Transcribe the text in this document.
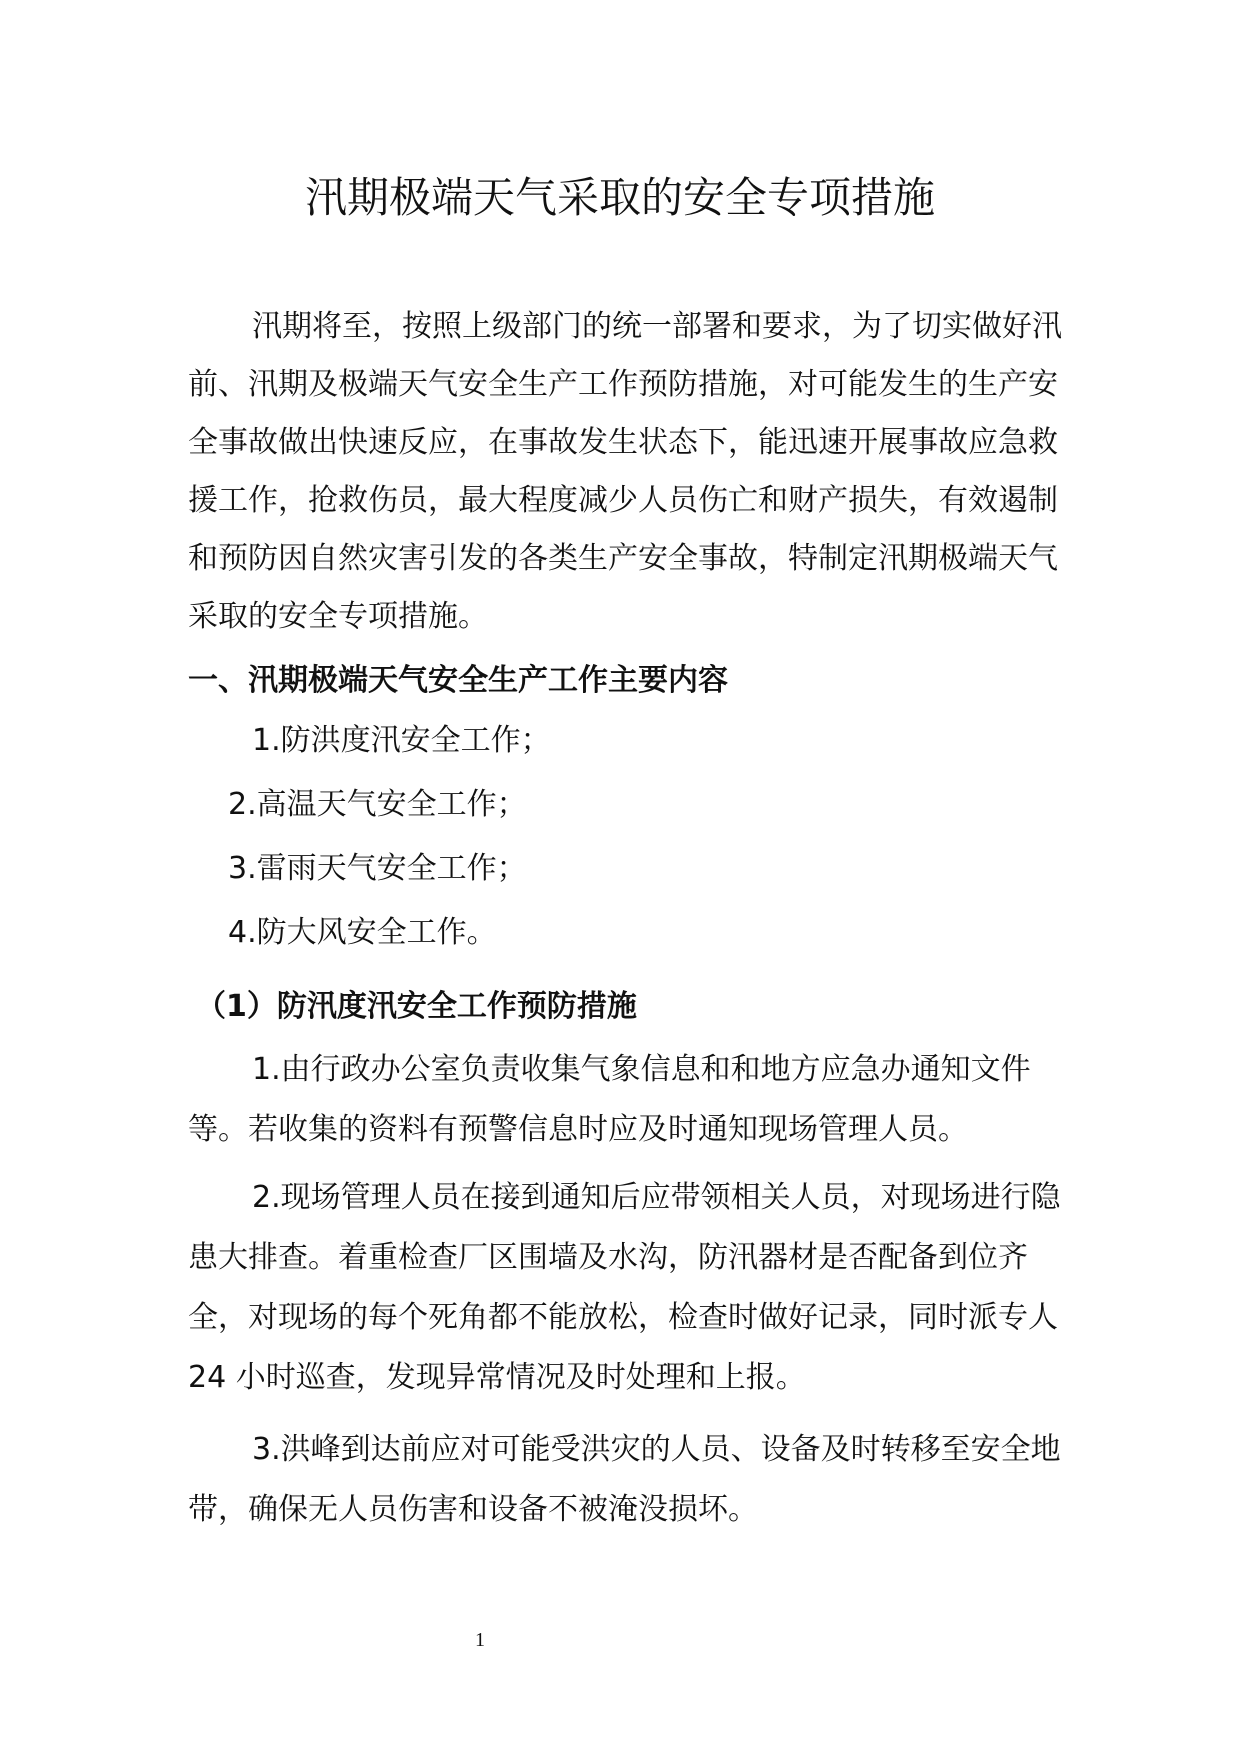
汛期极端天气采取的安全专项措施

汛期将至，按照上级部门的统一部署和要求，为了切实做好汛前、汛期及极端天气安全生产工作预防措施，对可能发生的生产安全事故做出快速反应，在事故发生状态下，能迅速开展事故应急救援工作，抢救伤员，最大程度减少人员伤亡和财产损失，有效遏制和预防因自然灾害引发的各类生产安全事故，特制定汛期极端天气采取的安全专项措施。

一、汛期极端天气安全生产工作主要内容

1.防洪度汛安全工作；

2.高温天气安全工作；

3.雷雨天气安全工作；

4.防大风安全工作。

（1）防汛度汛安全工作预防措施

1.由行政办公室负责收集气象信息和和地方应急办通知文件等。若收集的资料有预警信息时应及时通知现场管理人员。

2.现场管理人员在接到通知后应带领相关人员，对现场进行隐患大排查。着重检查厂区围墙及水沟，防汛器材是否配备到位齐全，对现场的每个死角都不能放松，检查时做好记录，同时派专人 24 小时巡查，发现异常情况及时处理和上报。

3.洪峰到达前应对可能受洪灾的人员、设备及时转移至安全地带，确保无人员伤害和设备不被淹没损坏。

1
